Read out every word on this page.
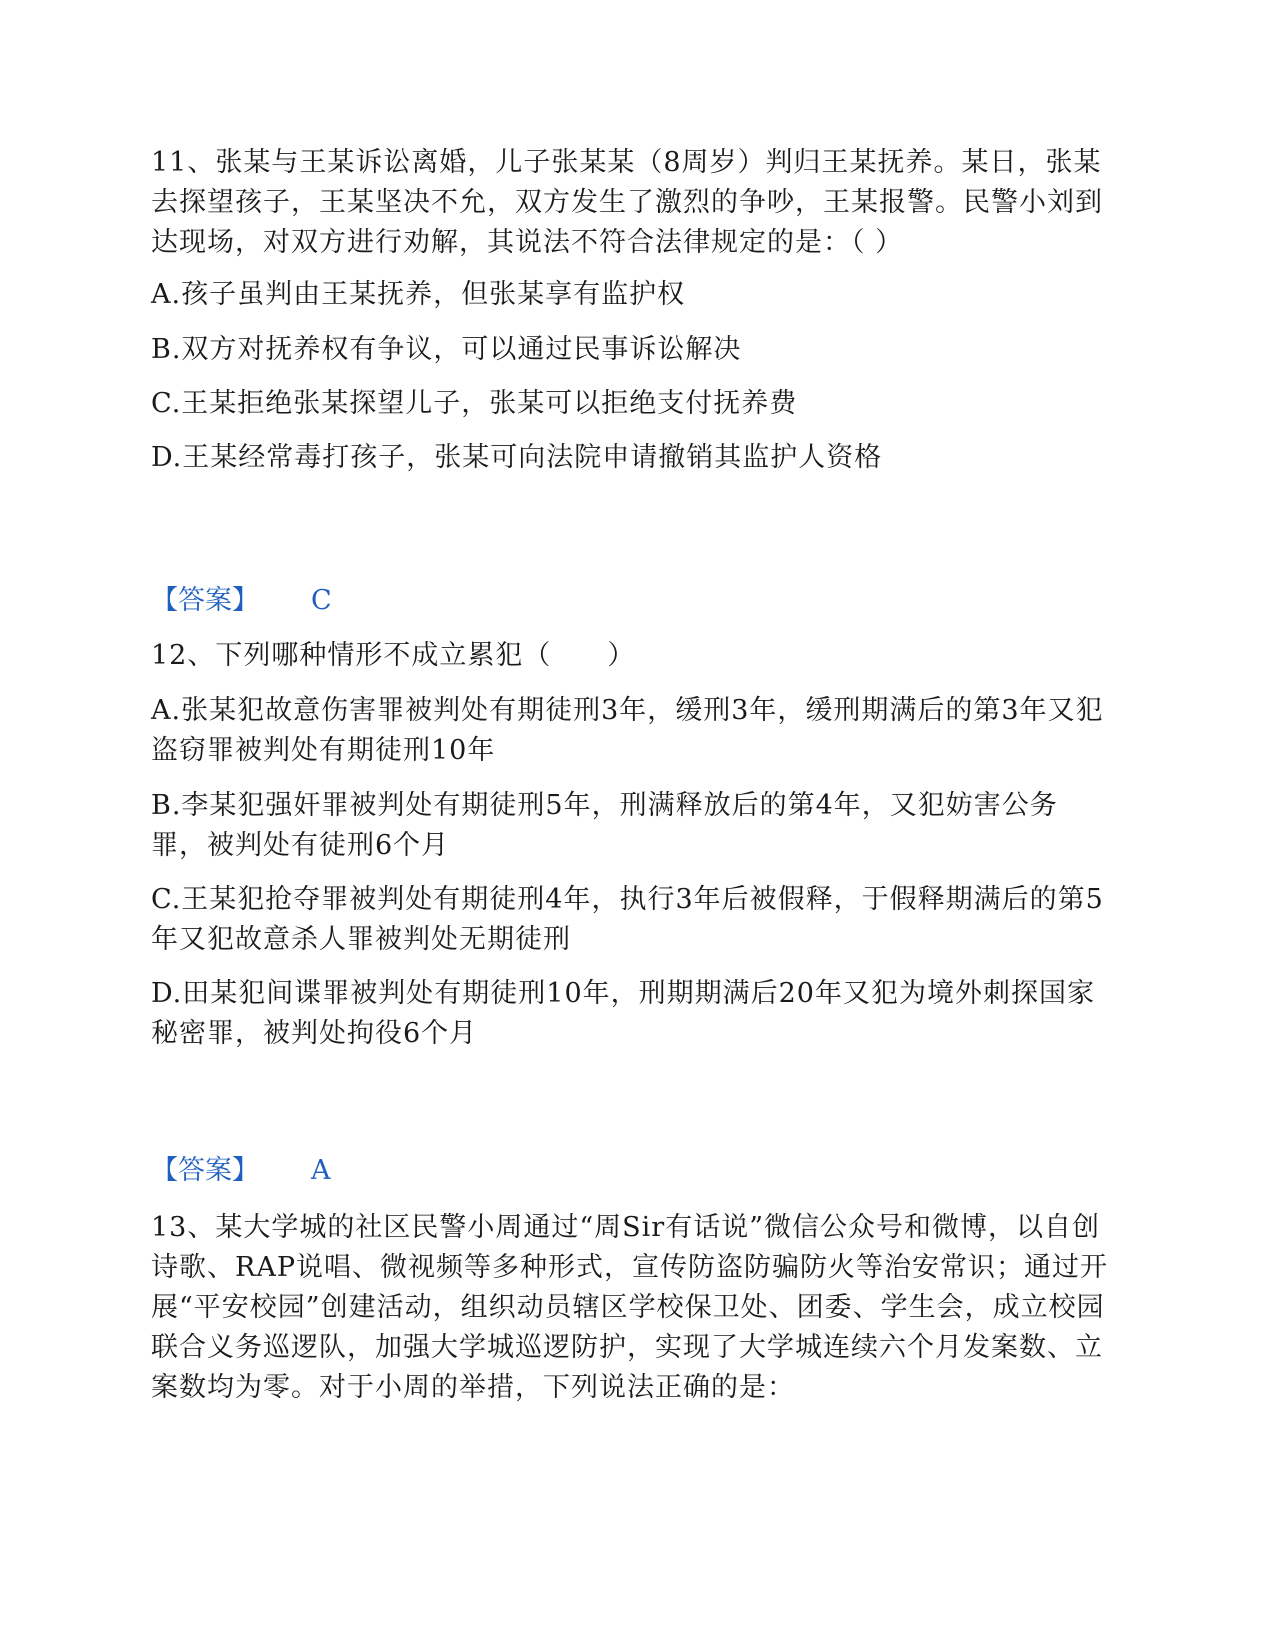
11、张某与王某诉讼离婚，儿子张某某（8周岁）判归王某抚养。某日，张某去探望孩子，王某坚决不允，双方发生了激烈的争吵，王某报警。民警小刘到达现场，对双方进行劝解，其说法不符合法律规定的是：（ ）
A.孩子虽判由王某抚养，但张某享有监护权
B.双方对抚养权有争议，可以通过民事诉讼解决
C.王某拒绝张某探望儿子，张某可以拒绝支付抚养费
D.王某经常毒打孩子，张某可向法院申请撤销其监护人资格
【答案】 C
12、下列哪种情形不成立累犯（　　）
A.张某犯故意伤害罪被判处有期徒刑3年，缓刑3年，缓刑期满后的第3年又犯盗窃罪被判处有期徒刑10年
B.李某犯强奸罪被判处有期徒刑5年，刑满释放后的第4年，又犯妨害公务罪，被判处有徒刑6个月
C.王某犯抢夺罪被判处有期徒刑4年，执行3年后被假释，于假释期满后的第5年又犯故意杀人罪被判处无期徒刑
D.田某犯间谍罪被判处有期徒刑10年，刑期期满后20年又犯为境外刺探国家秘密罪，被判处拘役6个月
【答案】 A
13、某大学城的社区民警小周通过“周Sir有话说”微信公众号和微博，以自创诗歌、RAP说唱、微视频等多种形式，宣传防盗防骗防火等治安常识；通过开展“平安校园”创建活动，组织动员辖区学校保卫处、团委、学生会，成立校园联合义务巡逻队，加强大学城巡逻防护，实现了大学城连续六个月发案数、立案数均为零。对于小周的举措，下列说法正确的是：
